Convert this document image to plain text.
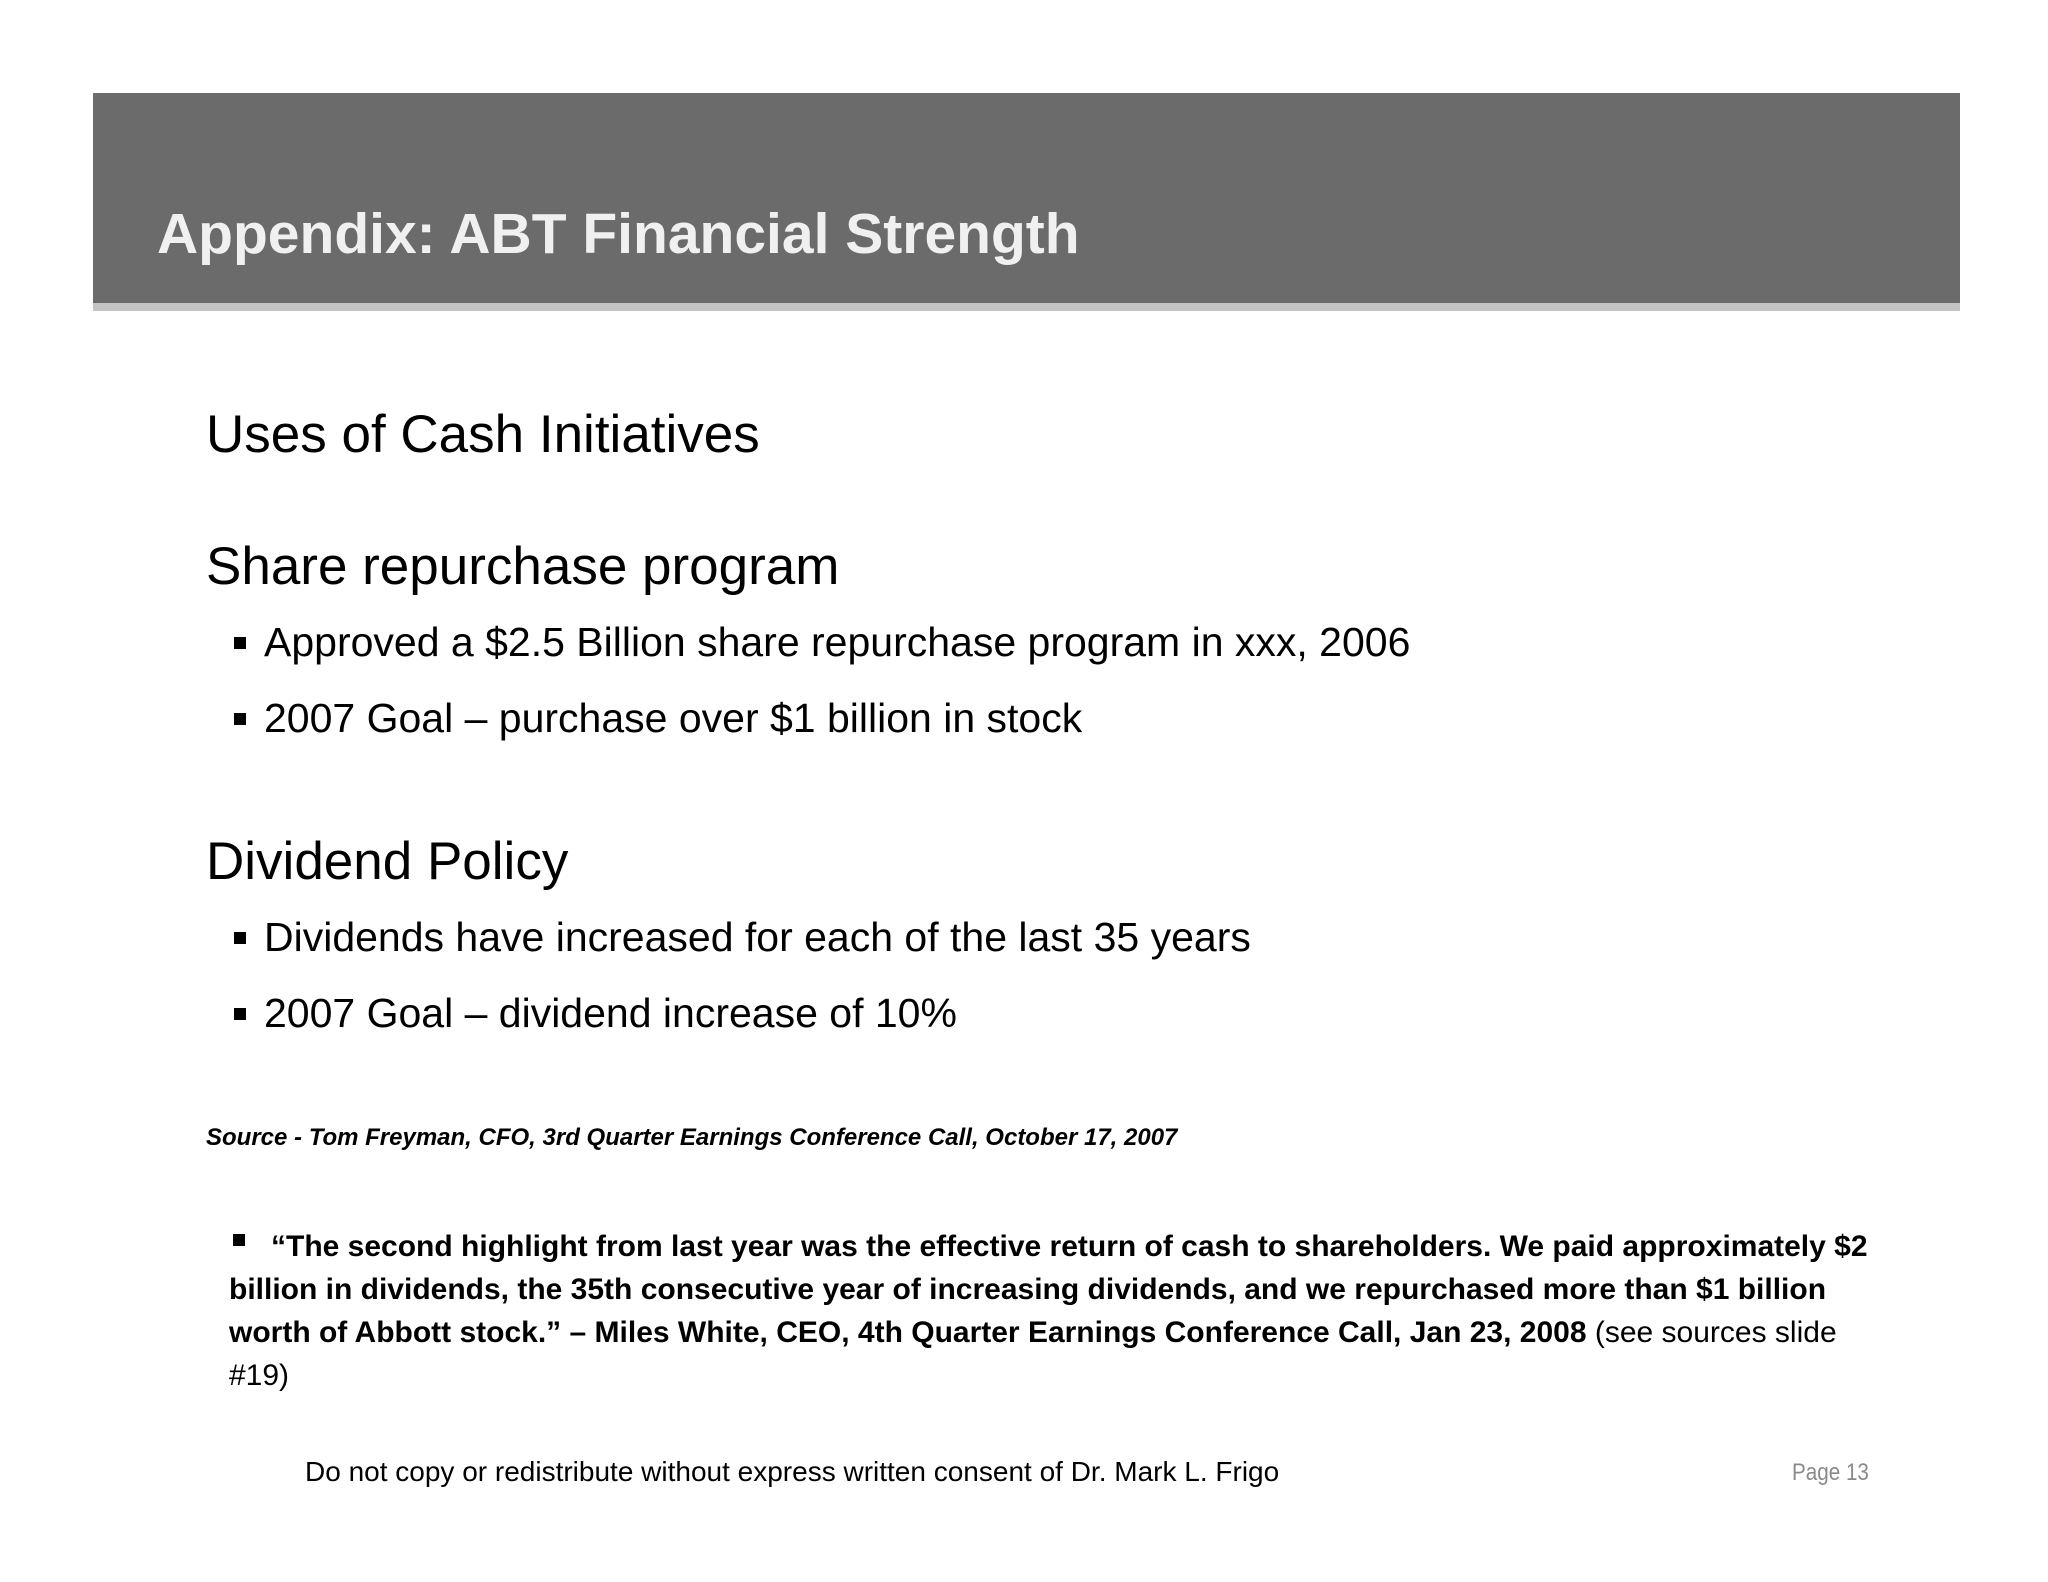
Appendix: ABT Financial Strength
Uses of Cash Initiatives
Share repurchase program
Approved a $2.5 Billion share repurchase program in xxx, 2006
2007 Goal – purchase over $1 billion in stock
Dividend Policy
Dividends have increased for each of the last 35 years
2007 Goal – dividend increase of 10%

Source - Tom Freyman, CFO, 3rd Quarter Earnings Conference Call, October 17, 2007

“The second highlight from last year was the effective return of cash to shareholders. We paid approximately $2 billion in dividends, the 35th consecutive year of increasing dividends, and we repurchased more than $1 billion worth of Abbott stock.” – Miles White, CEO, 4th Quarter Earnings Conference Call, Jan 23, 2008 (see sources slide #19)

Do not copy or redistribute without express written consent of Dr. Mark L. Frigo	Page 13
